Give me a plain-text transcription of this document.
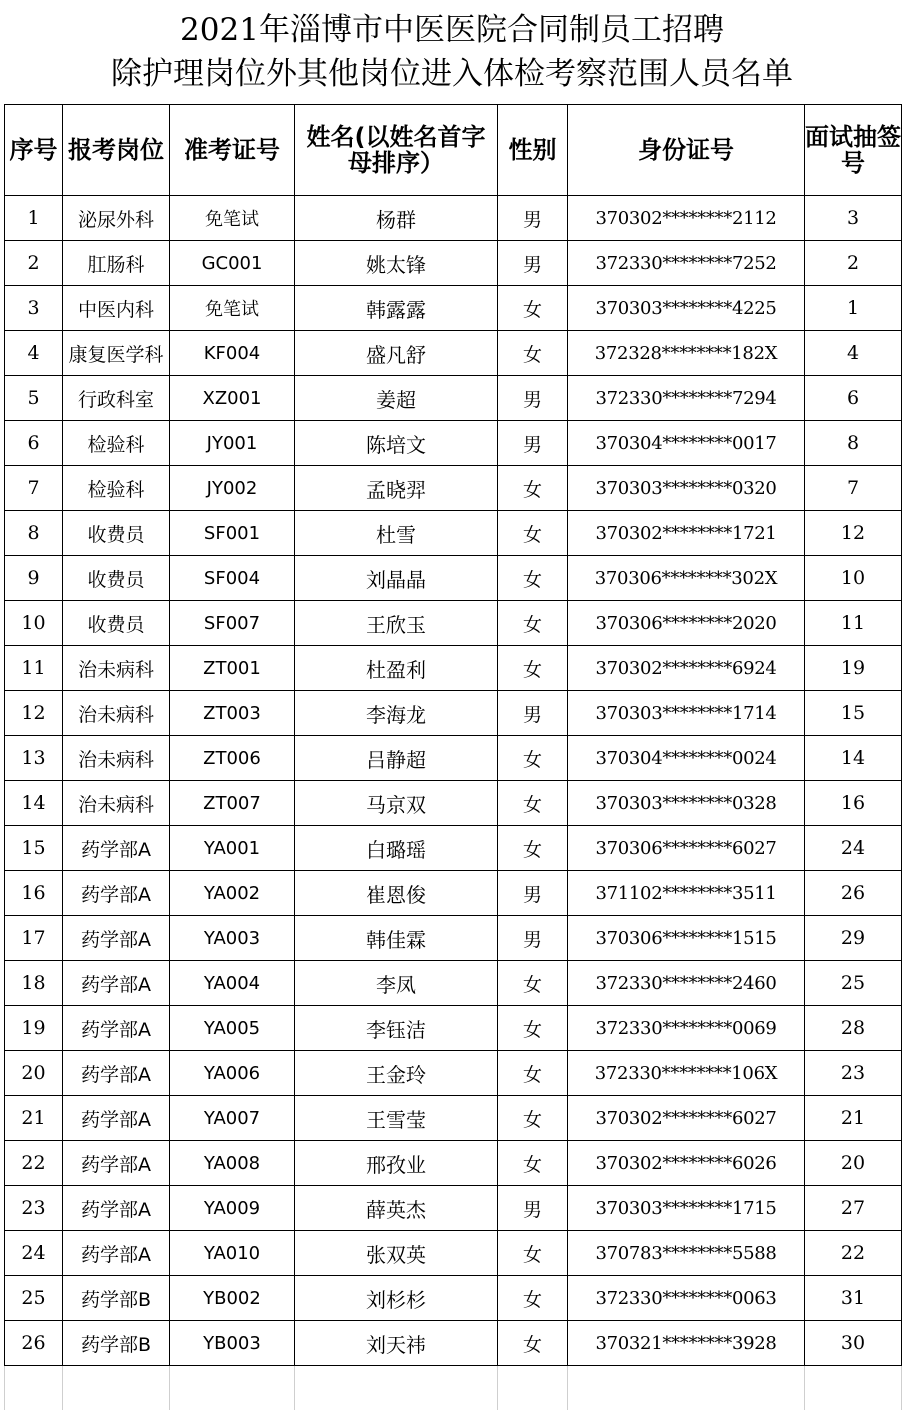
2021年淄博市中医医院合同制员工招聘
除护理岗位外其他岗位进入体检考察范围人员名单
序号	报考岗位	准考证号	姓名(以姓名首字母排序）	性别	身份证号	面试抽签号
1	泌尿外科	免笔试	杨群	男	370302********2112	3
2	肛肠科	GC001	姚太锋	男	372330********7252	2
3	中医内科	免笔试	韩露露	女	370303********4225	1
4	康复医学科	KF004	盛凡舒	女	372328********182X	4
5	行政科室	XZ001	姜超	男	372330********7294	6
6	检验科	JY001	陈培文	男	370304********0017	8
7	检验科	JY002	孟晓羿	女	370303********0320	7
8	收费员	SF001	杜雪	女	370302********1721	12
9	收费员	SF004	刘晶晶	女	370306********302X	10
10	收费员	SF007	王欣玉	女	370306********2020	11
11	治未病科	ZT001	杜盈利	女	370302********6924	19
12	治未病科	ZT003	李海龙	男	370303********1714	15
13	治未病科	ZT006	吕静超	女	370304********0024	14
14	治未病科	ZT007	马京双	女	370303********0328	16
15	药学部A	YA001	白璐瑶	女	370306********6027	24
16	药学部A	YA002	崔恩俊	男	371102********3511	26
17	药学部A	YA003	韩佳霖	男	370306********1515	29
18	药学部A	YA004	李凤	女	372330********2460	25
19	药学部A	YA005	李钰洁	女	372330********0069	28
20	药学部A	YA006	王金玲	女	372330********106X	23
21	药学部A	YA007	王雪莹	女	370302********6027	21
22	药学部A	YA008	邢孜业	女	370302********6026	20
23	药学部A	YA009	薛英杰	男	370303********1715	27
24	药学部A	YA010	张双英	女	370783********5588	22
25	药学部B	YB002	刘杉杉	女	372330********0063	31
26	药学部B	YB003	刘天祎	女	370321********3928	30
